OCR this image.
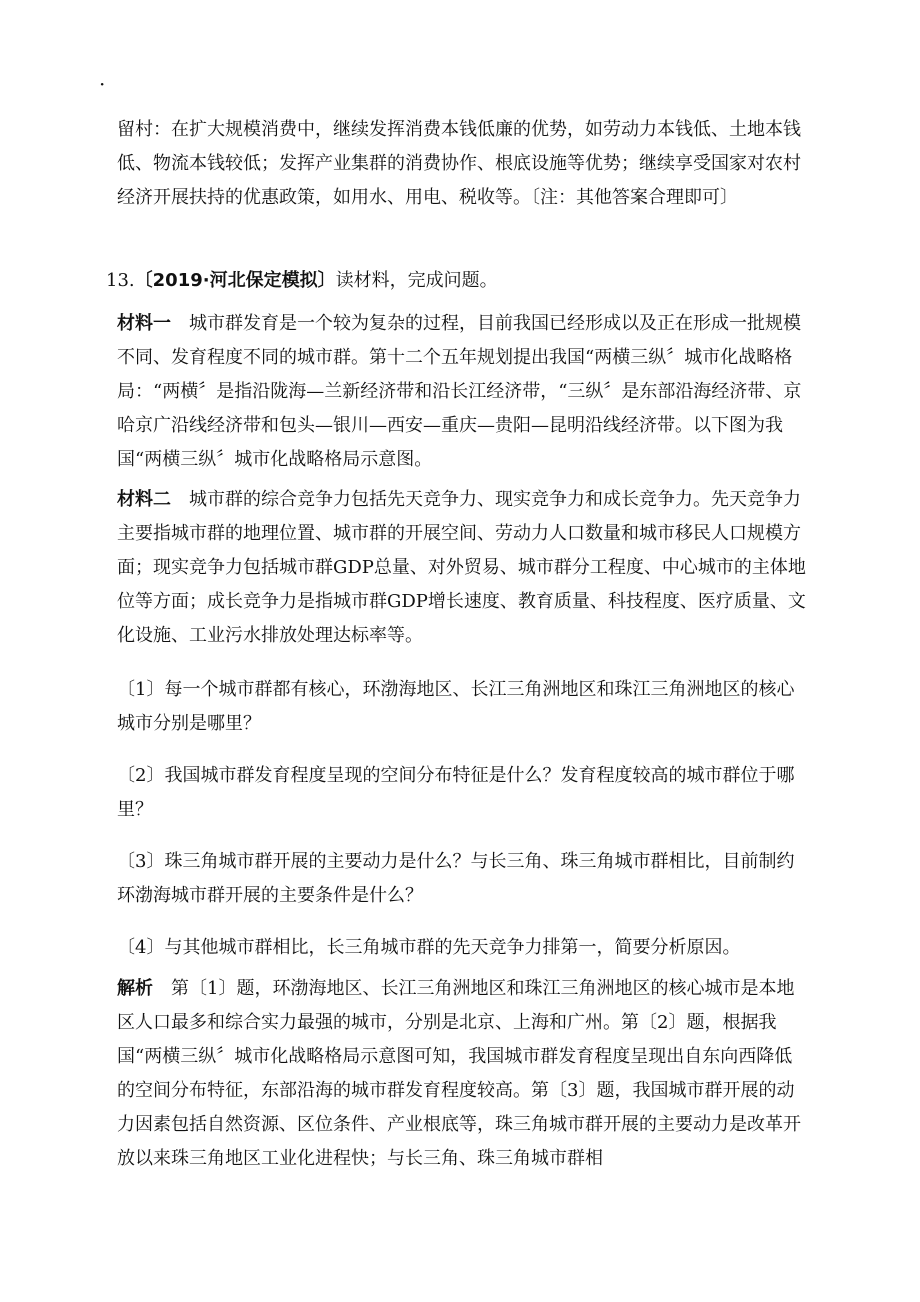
·
留村：在扩大规模消费中，继续发挥消费本钱低廉的优势，如劳动力本钱低、土地本钱低、物流本钱较低；发挥产业集群的消费协作、根底设施等优势；继续享受国家对农村经济开展扶持的优惠政策，如用水、用电、税收等。〔注：其他答案合理即可〕
13.〔2019·河北保定模拟〕读材料，完成问题。
材料一 城市群发育是一个较为复杂的过程，目前我国已经形成以及正在形成一批规模不同、发育程度不同的城市群。第十二个五年规划提出我国“两横三纵〞城市化战略格局：“两横〞是指沿陇海—兰新经济带和沿长江经济带，“三纵〞是东部沿海经济带、京哈京广沿线经济带和包头—银川—西安—重庆—贵阳—昆明沿线经济带。以下图为我国“两横三纵〞城市化战略格局示意图。
材料二 城市群的综合竞争力包括先天竞争力、现实竞争力和成长竞争力。先天竞争力主要指城市群的地理位置、城市群的开展空间、劳动力人口数量和城市移民人口规模方面；现实竞争力包括城市群GDP总量、对外贸易、城市群分工程度、中心城市的主体地位等方面；成长竞争力是指城市群GDP增长速度、教育质量、科技程度、医疗质量、文化设施、工业污水排放处理达标率等。
〔1〕每一个城市群都有核心，环渤海地区、长江三角洲地区和珠江三角洲地区的核心城市分别是哪里？
〔2〕我国城市群发育程度呈现的空间分布特征是什么？发育程度较高的城市群位于哪里？
〔3〕珠三角城市群开展的主要动力是什么？与长三角、珠三角城市群相比，目前制约环渤海城市群开展的主要条件是什么？
〔4〕与其他城市群相比，长三角城市群的先天竞争力排第一，简要分析原因。
解析 第〔1〕题，环渤海地区、长江三角洲地区和珠江三角洲地区的核心城市是本地区人口最多和综合实力最强的城市，分别是北京、上海和广州。第〔2〕题，根据我国“两横三纵〞城市化战略格局示意图可知，我国城市群发育程度呈现出自东向西降低的空间分布特征，东部沿海的城市群发育程度较高。第〔3〕题，我国城市群开展的动力因素包括自然资源、区位条件、产业根底等，珠三角城市群开展的主要动力是改革开放以来珠三角地区工业化进程快；与长三角、珠三角城市群相
